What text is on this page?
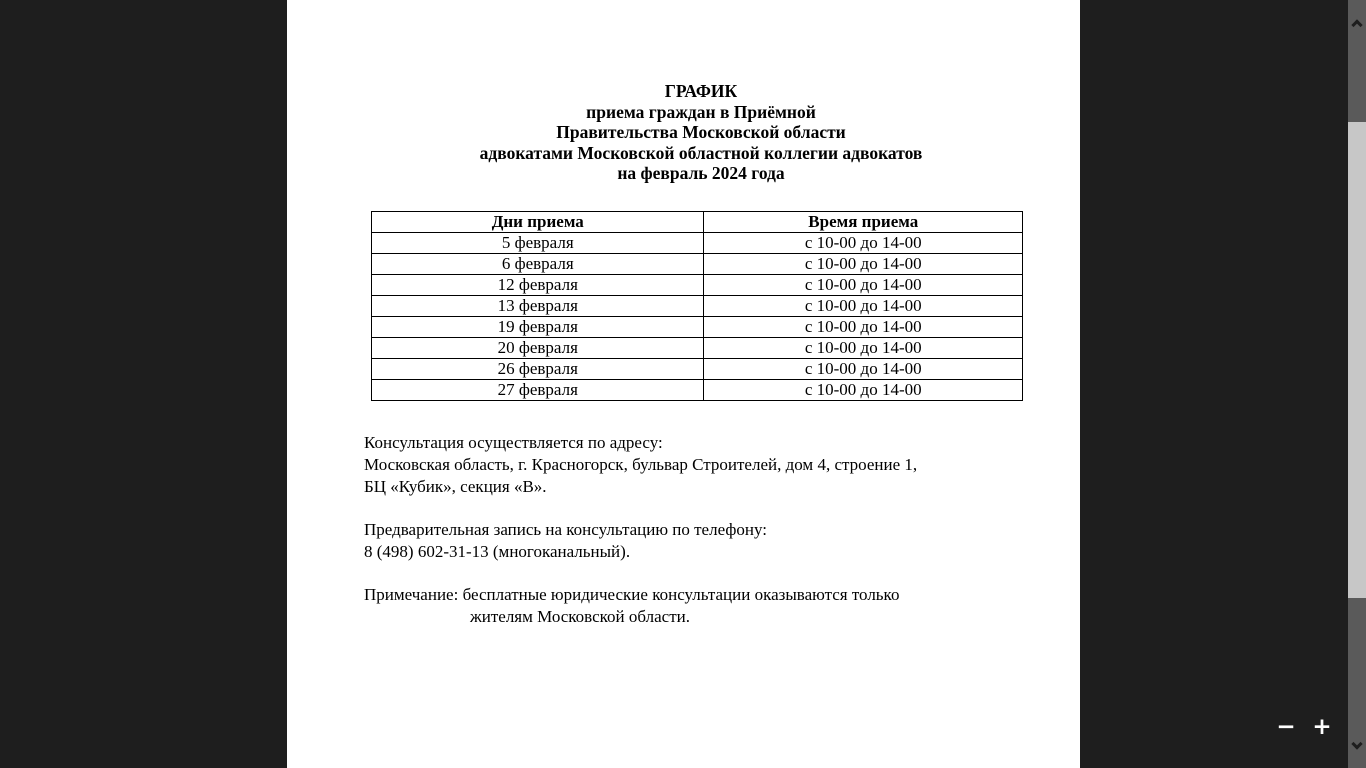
ГРАФИК
приема граждан в Приёмной
Правительства Московской области
адвокатами Московской областной коллегии адвокатов
на февраль 2024 года
Дни приема	Время приема
5 февраля	с 10-00 до 14-00
6 февраля	с 10-00 до 14-00
12 февраля	с 10-00 до 14-00
13 февраля	с 10-00 до 14-00
19 февраля	с 10-00 до 14-00
20 февраля	с 10-00 до 14-00
26 февраля	с 10-00 до 14-00
27 февраля	с 10-00 до 14-00
Консультация осуществляется по адресу:
Московская область, г. Красногорск, бульвар Строителей, дом 4, строение 1,
БЦ «Кубик», секция «В».
Предварительная запись на консультацию по телефону:
8 (498) 602-31-13 (многоканальный).
Примечание: бесплатные юридические консультации оказываются только
жителям Московской области.
− +
